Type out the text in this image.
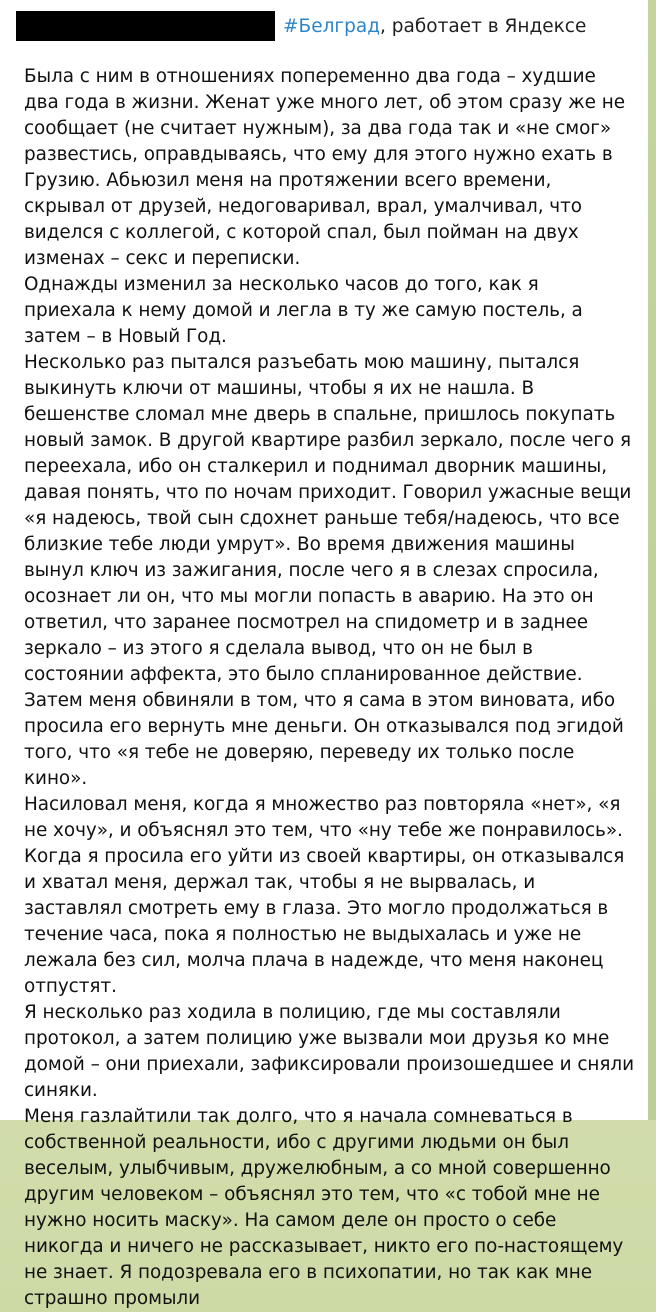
#Белград, работает в Яндексе

Была с ним в отношениях попеременно два года – худшие два года в жизни. Женат уже много лет, об этом сразу же не сообщает (не считает нужным), за два года так и «не смог» развестись, оправдываясь, что ему для этого нужно ехать в Грузию. Абьюзил меня на протяжении всего времени, скрывал от друзей, недоговаривал, врал, умалчивал, что виделся с коллегой, с которой спал, был пойман на двух изменах – секс и переписки.

Однажды изменил за несколько часов до того, как я приехала к нему домой и легла в ту же самую постель, а затем – в Новый Год.

Несколько раз пытался разъебать мою машину, пытался выкинуть ключи от машины, чтобы я их не нашла. В бешенстве сломал мне дверь в спальне, пришлось покупать новый замок. В другой квартире разбил зеркало, после чего я переехала, ибо он сталкерил и поднимал дворник машины, давая понять, что по ночам приходит. Говорил ужасные вещи «я надеюсь, твой сын сдохнет раньше тебя/надеюсь, что все близкие тебе люди умрут». Во время движения машины вынул ключ из зажигания, после чего я в слезах спросила, осознает ли он, что мы могли попасть в аварию. На это он ответил, что заранее посмотрел на спидометр и в заднее зеркало – из этого я сделала вывод, что он не был в состоянии аффекта, это было спланированное действие.

Затем меня обвиняли в том, что я сама в этом виновата, ибо просила его вернуть мне деньги. Он отказывался под эгидой того, что «я тебе не доверяю, переведу их только после кино».

Насиловал меня, когда я множество раз повторяла «нет», «я не хочу», и объяснял это тем, что «ну тебе же понравилось».

Когда я просила его уйти из своей квартиры, он отказывался и хватал меня, держал так, чтобы я не вырвалась, и заставлял смотреть ему в глаза. Это могло продолжаться в течение часа, пока я полностью не выдыхалась и уже не лежала без сил, молча плача в надежде, что меня наконец отпустят.

Я несколько раз ходила в полицию, где мы составляли протокол, а затем полицию уже вызвали мои друзья ко мне домой – они приехали, зафиксировали произошедшее и сняли синяки.

Меня газлайтили так долго, что я начала сомневаться в собственной реальности, ибо с другими людьми он был веселым, улыбчивым, дружелюбным, а со мной совершенно другим человеком – объяснял это тем, что «с тобой мне не нужно носить маску». На самом деле он просто о себе никогда и ничего не рассказывает, никто его по-настоящему не знает. Я подозревала его в психопатии, но так как мне страшно промыли
